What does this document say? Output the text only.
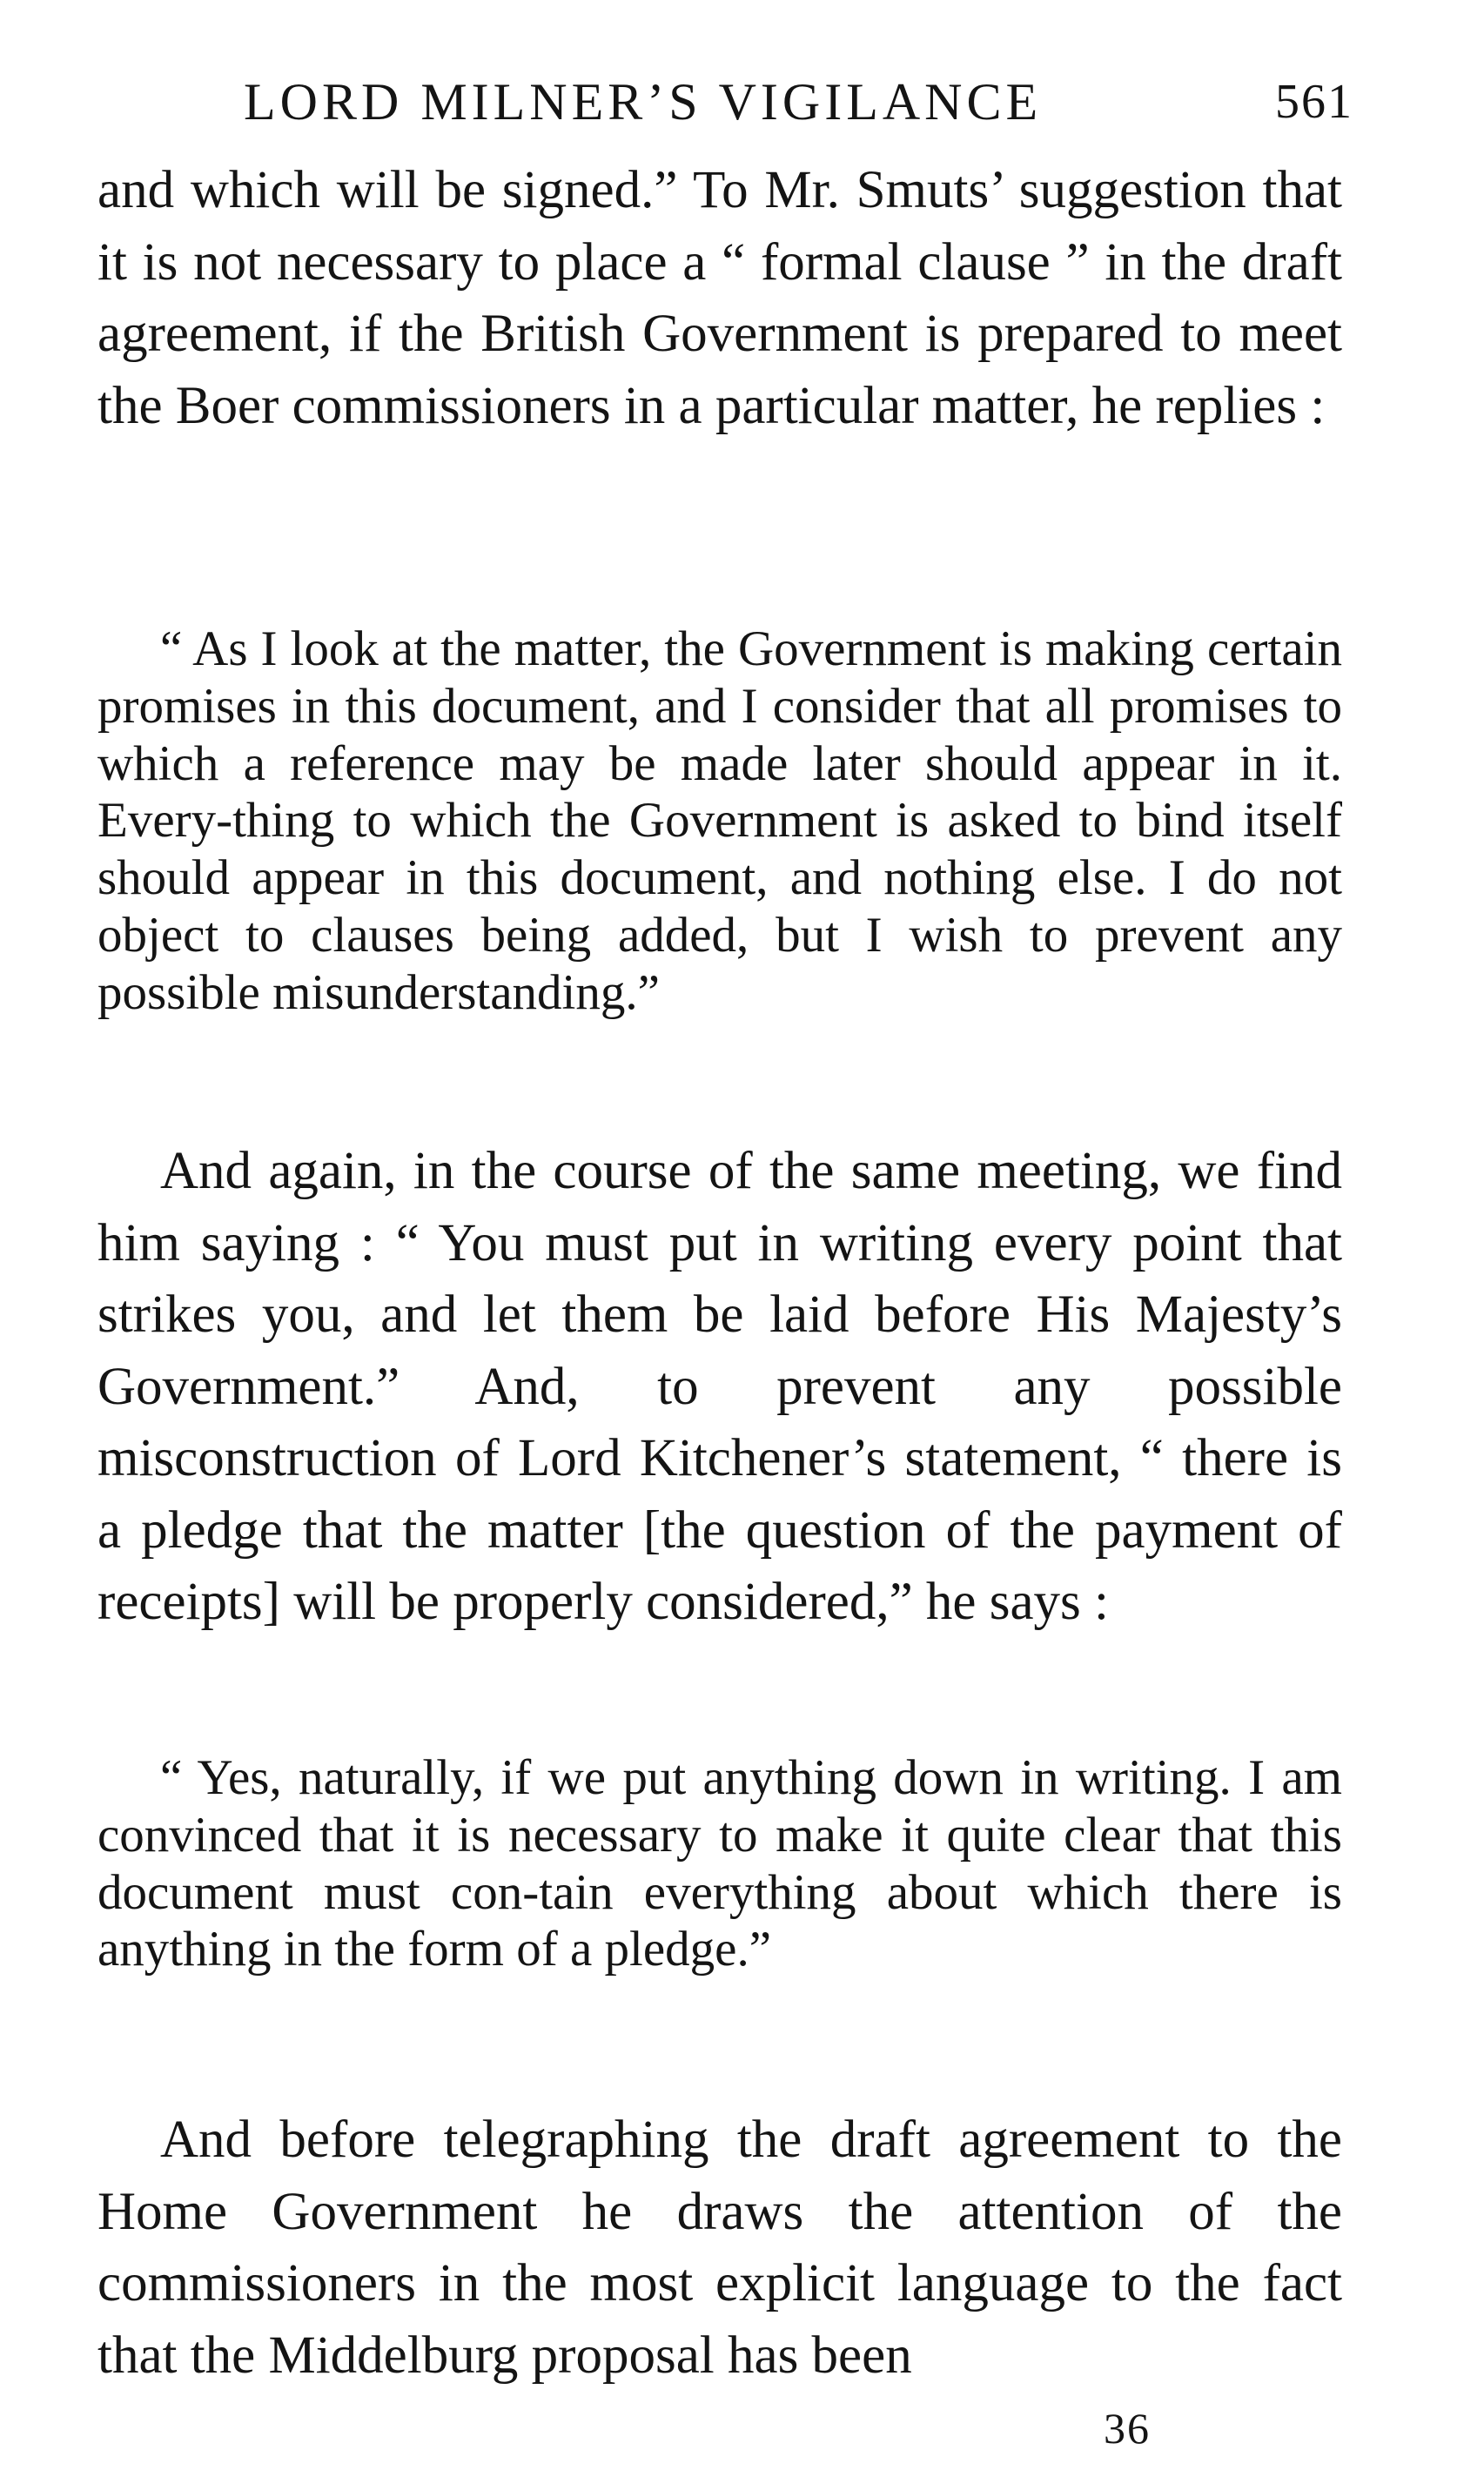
LORD MILNER’S VIGILANCE	561

and which will be signed.” To Mr. Smuts’ suggestion that it is not necessary to place a “ formal clause ” in the draft agreement, if the British Government is prepared to meet the Boer commissioners in a particular matter, he replies :

“ As I look at the matter, the Government is making certain promises in this document, and I consider that all promises to which a reference may be made later should appear in it. Every-thing to which the Government is asked to bind itself should appear in this document, and nothing else. I do not object to clauses being added, but I wish to prevent any possible misunderstanding.”

And again, in the course of the same meeting, we find him saying : “ You must put in writing every point that strikes you, and let them be laid before His Majesty’s Government.” And, to prevent any possible misconstruction of Lord Kitchener’s statement, “ there is a pledge that the matter [the question of the payment of receipts] will be properly considered,” he says :

“ Yes, naturally, if we put anything down in writing. I am convinced that it is necessary to make it quite clear that this document must con-tain everything about which there is anything in the form of a pledge.”

And before telegraphing the draft agreement to the Home Government he draws the attention of the commissioners in the most explicit language to the fact that the Middelburg proposal has been

36
